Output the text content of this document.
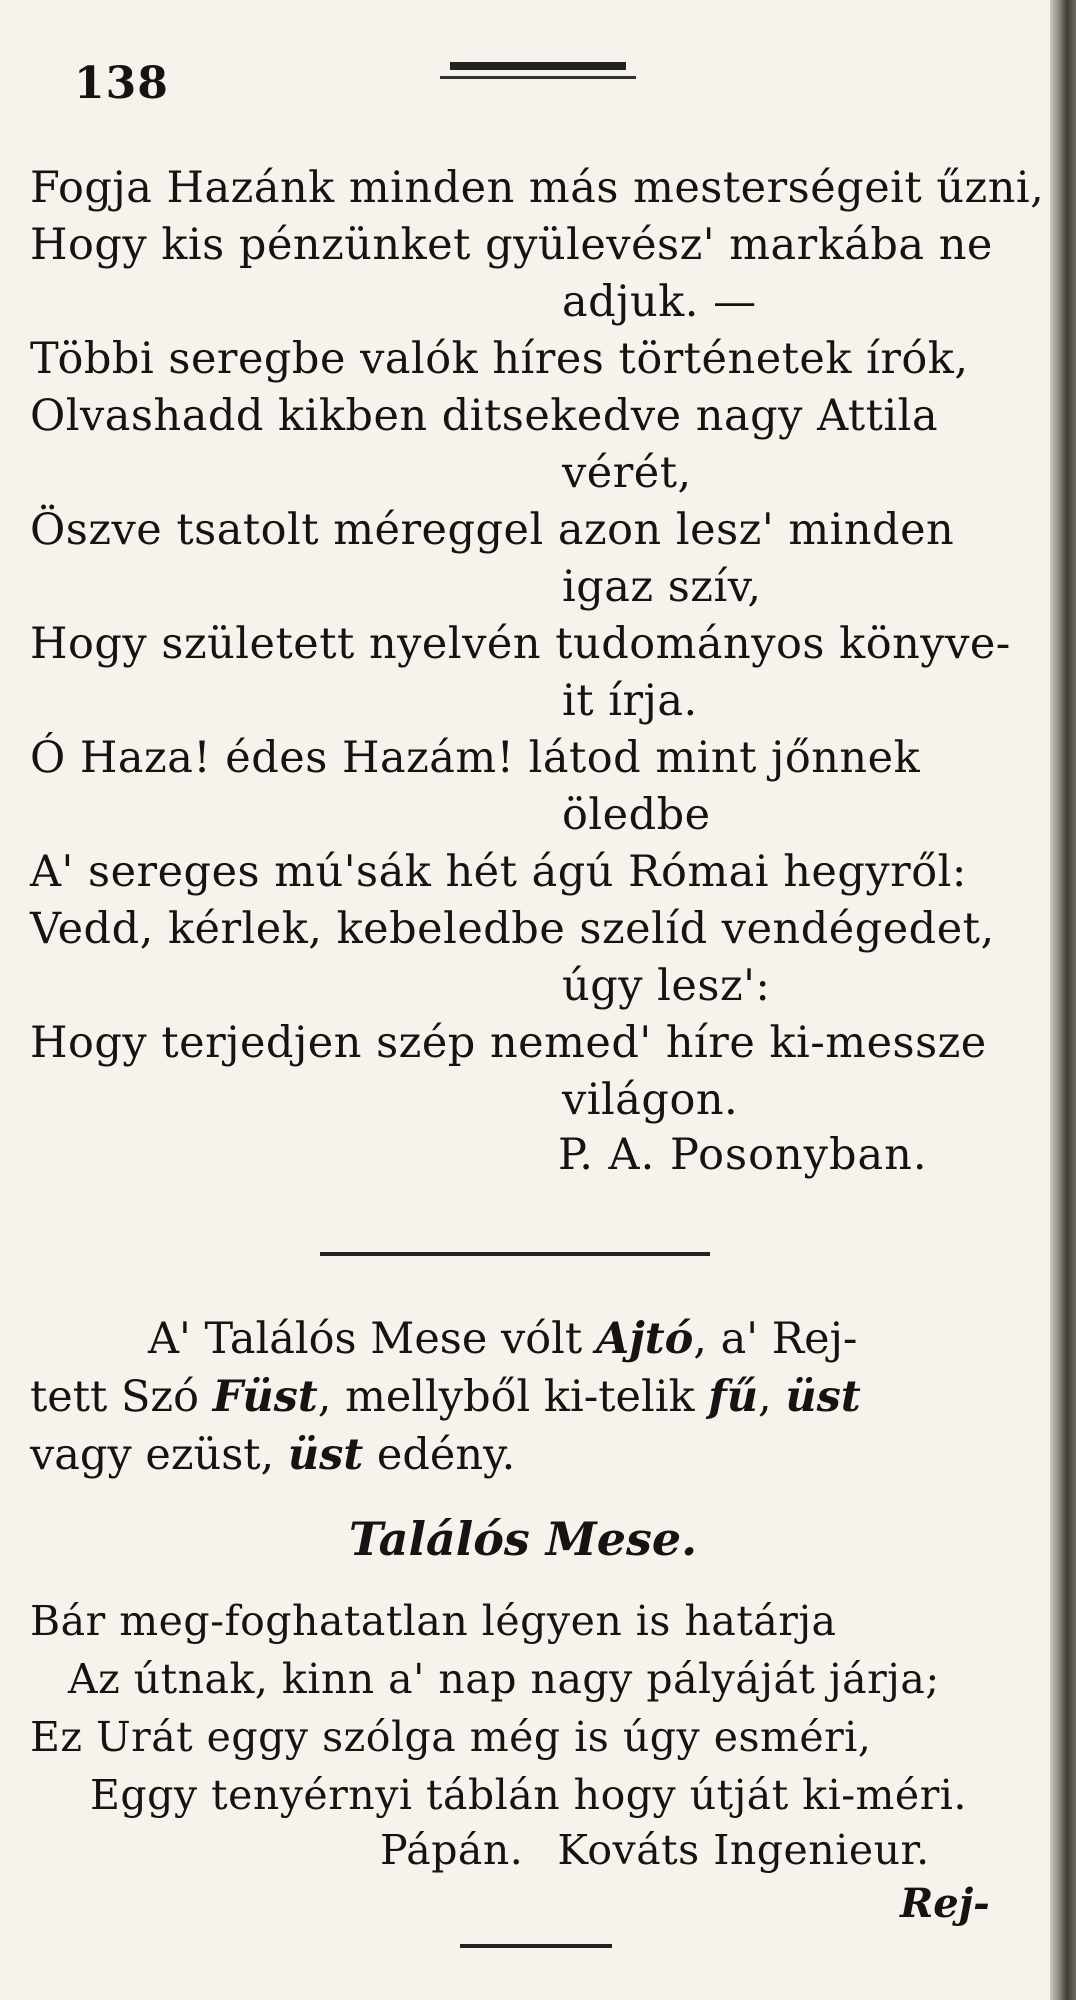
138
Fogja Hazánk minden más mesterségeit űzni,
Hogy kis pénzünket gyülevész' markába ne
adjuk. —
Többi seregbe valók híres történetek írók,
Olvashadd kikben ditsekedve nagy Attila
vérét,
Öszve tsatolt méreggel azon lesz' minden
igaz szív,
Hogy született nyelvén tudományos könyve-
it írja.
Ó Haza! édes Hazám! látod mint jőnnek
öledbe
A' sereges mú'sák hét ágú Római hegyről:
Vedd, kérlek, kebeledbe szelíd vendégedet,
úgy lesz':
Hogy terjedjen szép nemed' híre ki-messze
világon.
P. A. Posonyban.
A' Találós Mese vólt Ajtó, a' Rej-
tett Szó Füst, mellyből ki-telik fű, üst
vagy ezüst, üst edény.
Találós Mese.
Bár meg-foghatatlan légyen is határja
Az útnak, kinn a' nap nagy pályáját járja;
Ez Urát eggy szólga még is úgy esméri,
Eggy tenyérnyi táblán hogy útját ki-méri.
Pápán. Kováts Ingenieur.
Rej-
